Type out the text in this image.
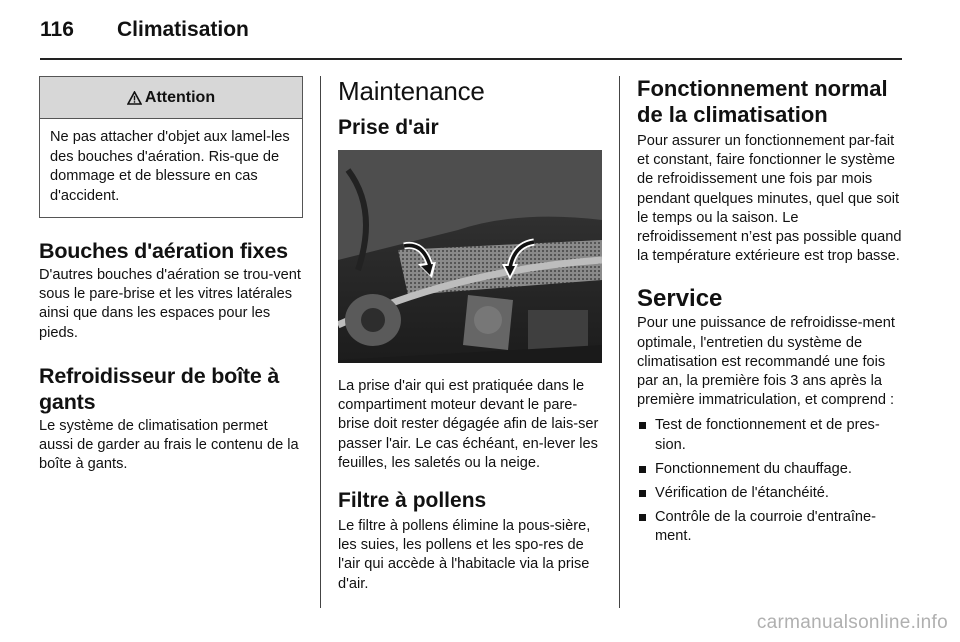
116 Climatisation
Attention
Ne pas attacher d'objet aux lamel-les des bouches d'aération. Ris-que de dommage et de blessure en cas d'accident.
Bouches d'aération fixes

D'autres bouches d'aération se trou-vent sous le pare-brise et les vitres latérales ainsi que dans les espaces pour les pieds.

Refroidisseur de boîte à gants

Le système de climatisation permet aussi de garder au frais le contenu de la boîte à gants.

Maintenance
Prise d'air

La prise d'air qui est pratiquée dans le compartiment moteur devant le pare-brise doit rester dégagée afin de lais-ser passer l'air. Le cas échéant, en-lever les feuilles, les saletés ou la neige.

Filtre à pollens

Le filtre à pollens élimine la pous-sière, les suies, les pollens et les spo-res de l'air qui accède à l'habitacle via la prise d'air.

Fonctionnement normal de la climatisation

Pour assurer un fonctionnement par-fait et constant, faire fonctionner le système de refroidissement une fois par mois pendant quelques minutes, quel que soit le temps ou la saison. Le refroidissement n’est pas possible quand la température extérieure est trop basse.

Service

Pour une puissance de refroidisse-ment optimale, l'entretien du système de climatisation est recommandé une fois par an, la première fois 3 ans après la première immatriculation, et comprend :

Test de fonctionnement et de pres-sion.
Fonctionnement du chauffage.
Vérification de l'étanchéité.
Contrôle de la courroie d'entraîne-ment.
carmanualsonline.info
